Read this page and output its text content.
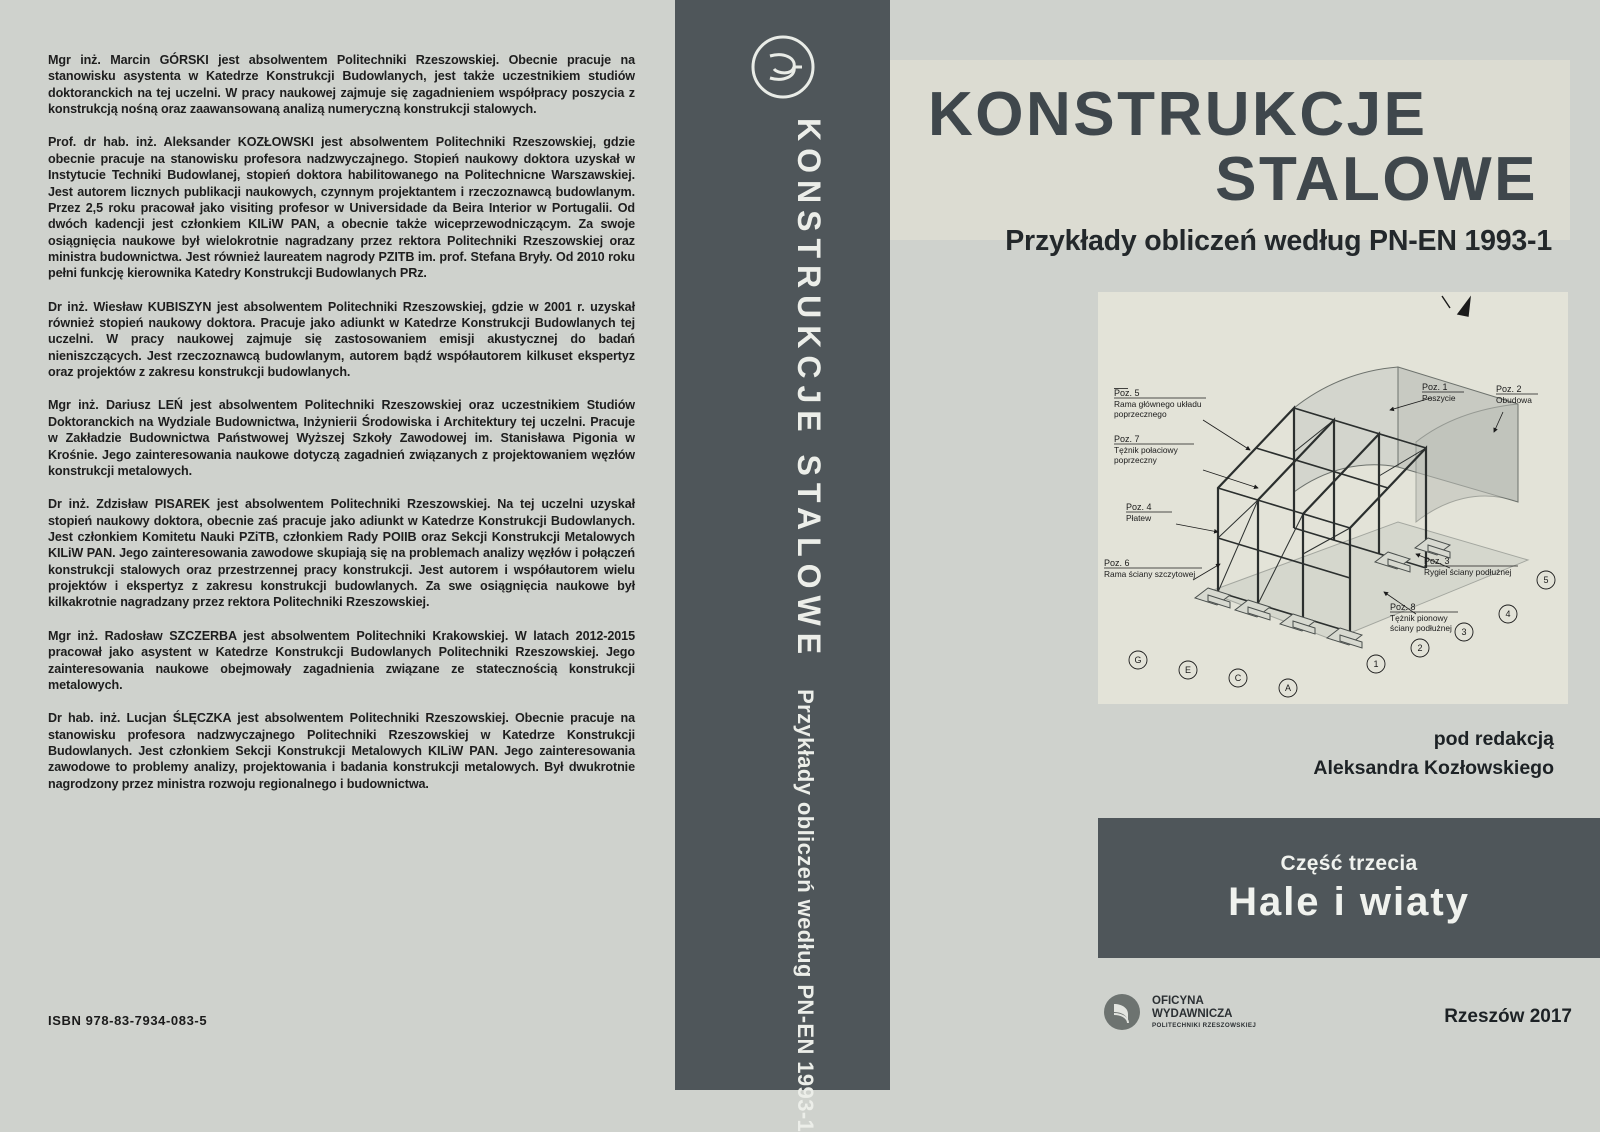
Mgr inż. Marcin GÓRSKI jest absolwentem Politechniki Rzeszowskiej. Obecnie pracuje na stanowisku asystenta w Katedrze Konstrukcji Budowlanych, jest także uczestnikiem studiów doktoranckich na tej uczelni. W pracy naukowej zajmuje się zagadnieniem współpracy poszycia z konstrukcją nośną oraz zaawansowaną analizą numeryczną konstrukcji stalowych.
Prof. dr hab. inż. Aleksander KOZŁOWSKI jest absolwentem Politechniki Rzeszowskiej, gdzie obecnie pracuje na stanowisku profesora nadzwyczajnego. Stopień naukowy doktora uzyskał w Instytucie Techniki Budowlanej, stopień doktora habilitowanego na Politechnicne Warszawskiej. Jest autorem licznych publikacji naukowych, czynnym projektantem i rzeczoznawcą budowlanym. Przez 2,5 roku pracował jako visiting profesor w Universidade da Beira Interior w Portugalii. Od dwóch kadencji jest członkiem KILiW PAN, a obecnie także wiceprzewodniczącym. Za swoje osiągnięcia naukowe był wielokrotnie nagradzany przez rektora Politechniki Rzeszowskiej oraz ministra budownictwa. Jest również laureatem nagrody PZITB im. prof. Stefana Bryły. Od 2010 roku pełni funkcję kierownika Katedry Konstrukcji Budowlanych PRz.
Dr inż. Wiesław KUBISZYN jest absolwentem Politechniki Rzeszowskiej, gdzie w 2001 r. uzyskał również stopień naukowy doktora. Pracuje jako adiunkt w Katedrze Konstrukcji Budowlanych tej uczelni. W pracy naukowej zajmuje się zastosowaniem emisji akustycznej do badań nieniszczących. Jest rzeczoznawcą budowlanym, autorem bądź współautorem kilkuset ekspertyz oraz projektów z zakresu konstrukcji budowlanych.
Mgr inż. Dariusz LEŃ jest absolwentem Politechniki Rzeszowskiej oraz uczestnikiem Studiów Doktoranckich na Wydziale Budownictwa, Inżynierii Środowiska i Architektury tej uczelni. Pracuje w Zakładzie Budownictwa Państwowej Wyższej Szkoły Zawodowej im. Stanisława Pigonia w Krośnie. Jego zainteresowania naukowe dotyczą zagadnień związanych z projektowaniem węzłów konstrukcji metalowych.
Dr inż. Zdzisław PISAREK jest absolwentem Politechniki Rzeszowskiej. Na tej uczelni uzyskał stopień naukowy doktora, obecnie zaś pracuje jako adiunkt w Katedrze Konstrukcji Budowlanych. Jest członkiem Komitetu Nauki PZiTB, członkiem Rady POIIB oraz Sekcji Konstrukcji Metalowych KILiW PAN. Jego zainteresowania zawodowe skupiają się na problemach analizy węzłów i połączeń konstrukcji stalowych oraz przestrzennej pracy konstrukcji. Jest autorem i współautorem wielu projektów i ekspertyz z zakresu konstrukcji budowlanych. Za swe osiągnięcia naukowe był kilkakrotnie nagradzany przez rektora Politechniki Rzeszowskiej.
Mgr inż. Radosław SZCZERBA jest absolwentem Politechniki Krakowskiej. W latach 2012-2015 pracował jako asystent w Katedrze Konstrukcji Budowlanych Politechniki Rzeszowskiej. Jego zainteresowania naukowe obejmowały zagadnienia związane ze statecznością konstrukcji metalowych.
Dr hab. inż. Lucjan ŚLĘCZKA jest absolwentem Politechniki Rzeszowskiej. Obecnie pracuje na stanowisku profesora nadzwyczajnego Politechniki Rzeszowskiej w Katedrze Konstrukcji Budowlanych. Jest członkiem Sekcji Konstrukcji Metalowych KILiW PAN. Jego zainteresowania zawodowe to problemy analizy, projektowania i badania konstrukcji metalowych. Był dwukrotnie nagrodzony przez ministra rozwoju regionalnego i budownictwa.
ISBN 978-83-7934-083-5
KONSTRUKCJE STALOWE
Przykłady obliczeń według PN-EN 1993-1
KONSTRUKCJE
STALOWE
Przykłady obliczeń według PN-EN 1993-1
Poz. 5
Rama głównego układu
poprzecznego
Poz. 7
Tężnik połaciowy
poprzeczny
Poz. 4
Płatew
Poz. 6
Rama ściany szczytowej
Poz. 1
Poszycie
Poz. 2
Obudowa
Poz. 3
Rygiel ściany podłużnej
Poz. 8
Tężnik pionowy
ściany podłużnej
G
E
C
A
1
2
3
4
5
pod redakcją
Aleksandra Kozłowskiego
Część trzecia
Hale i wiaty
OFICYNA
WYDAWNICZA
POLITECHNIKI RZESZOWSKIEJ	Rzeszów 2017
